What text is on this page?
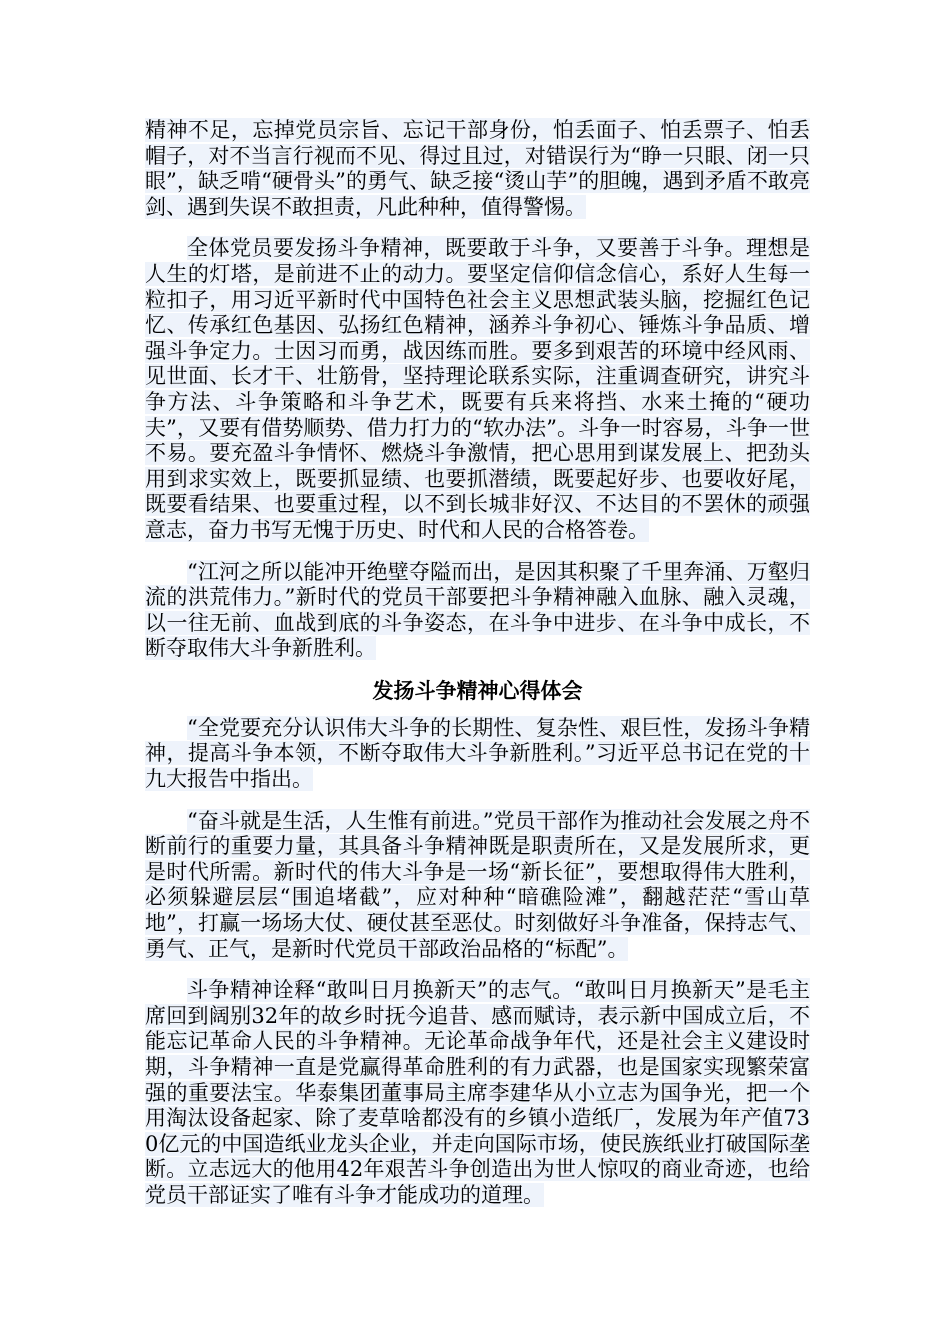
精神不足，忘掉党员宗旨、忘记干部身份，怕丢面子、怕丢票子、怕丢帽子，对不当言行视而不见、得过且过，对错误行为“睁一只眼、闭一只眼”，缺乏啃“硬骨头”的勇气、缺乏接“烫山芋”的胆魄，遇到矛盾不敢亮剑、遇到失误不敢担责，凡此种种，值得警惕。

全体党员要发扬斗争精神，既要敢于斗争，又要善于斗争。理想是人生的灯塔，是前进不止的动力。要坚定信仰信念信心，系好人生每一粒扣子，用习近平新时代中国特色社会主义思想武装头脑，挖掘红色记忆、传承红色基因、弘扬红色精神，涵养斗争初心、锤炼斗争品质、增强斗争定力。士因习而勇，战因练而胜。要多到艰苦的环境中经风雨、见世面、长才干、壮筋骨，坚持理论联系实际，注重调查研究，讲究斗争方法、斗争策略和斗争艺术，既要有兵来将挡、水来土掩的“硬功夫”，又要有借势顺势、借力打力的“软办法”。斗争一时容易，斗争一世不易。要充盈斗争情怀、燃烧斗争激情，把心思用到谋发展上、把劲头用到求实效上，既要抓显绩、也要抓潜绩，既要起好步、也要收好尾，既要看结果、也要重过程，以不到长城非好汉、不达目的不罢休的顽强意志，奋力书写无愧于历史、时代和人民的合格答卷。

“江河之所以能冲开绝壁夺隘而出，是因其积聚了千里奔涌、万壑归流的洪荒伟力。”新时代的党员干部要把斗争精神融入血脉、融入灵魂，以一往无前、血战到底的斗争姿态，在斗争中进步、在斗争中成长，不断夺取伟大斗争新胜利。

发扬斗争精神心得体会

“全党要充分认识伟大斗争的长期性、复杂性、艰巨性，发扬斗争精神，提高斗争本领，不断夺取伟大斗争新胜利。”习近平总书记在党的十九大报告中指出。

“奋斗就是生活，人生惟有前进。”党员干部作为推动社会发展之舟不断前行的重要力量，其具备斗争精神既是职责所在，又是发展所求，更是时代所需。新时代的伟大斗争是一场“新长征”，要想取得伟大胜利，必须躲避层层“围追堵截”，应对种种“暗礁险滩”，翻越茫茫“雪山草地”，打赢一场场大仗、硬仗甚至恶仗。时刻做好斗争准备，保持志气、勇气、正气，是新时代党员干部政治品格的“标配”。

斗争精神诠释“敢叫日月换新天”的志气。“敢叫日月换新天”是毛主席回到阔别32年的故乡时抚今追昔、感而赋诗，表示新中国成立后，不能忘记革命人民的斗争精神。无论革命战争年代，还是社会主义建设时期，斗争精神一直是党赢得革命胜利的有力武器，也是国家实现繁荣富强的重要法宝。华泰集团董事局主席李建华从小立志为国争光，把一个用淘汰设备起家、除了麦草啥都没有的乡镇小造纸厂，发展为年产值730亿元的中国造纸业龙头企业，并走向国际市场，使民族纸业打破国际垄断。立志远大的他用42年艰苦斗争创造出为世人惊叹的商业奇迹，也给党员干部证实了唯有斗争才能成功的道理。
